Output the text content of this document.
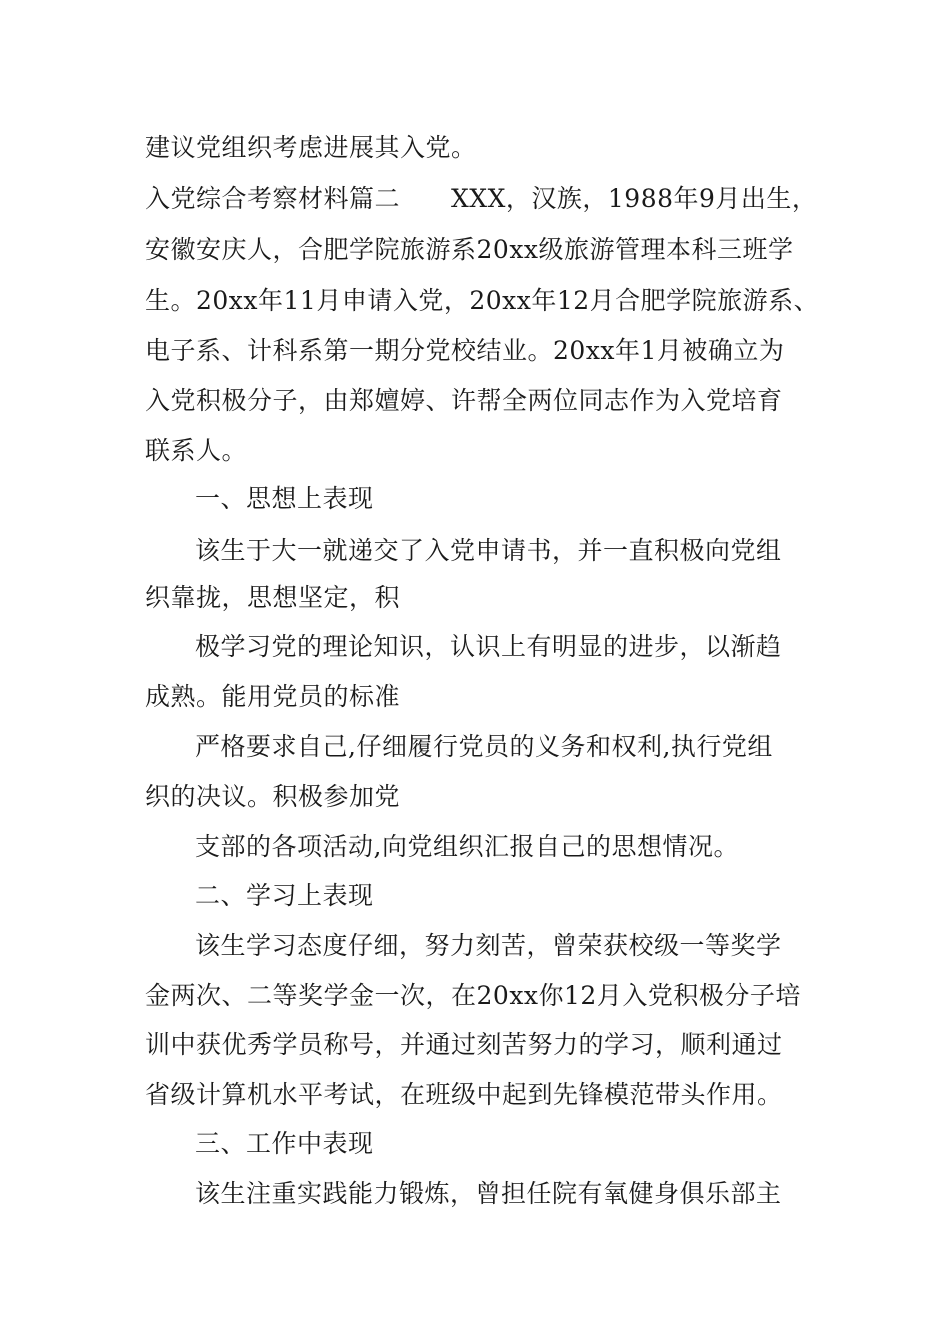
建议党组织考虑进展其入党。
入党综合考察材料篇二　　XXX，汉族，1988年9月出生，
安徽安庆人，合肥学院旅游系20xx级旅游管理本科三班学
生。20xx年11月申请入党，20xx年12月合肥学院旅游系、
电子系、计科系第一期分党校结业。20xx年1月被确立为
入党积极分子，由郑嬗婷、许帮全两位同志作为入党培育
联系人。
一、思想上表现
该生于大一就递交了入党申请书，并一直积极向党组
织靠拢，思想坚定，积
极学习党的理论知识，认识上有明显的进步，以渐趋
成熟。能用党员的标准
严格要求自己,仔细履行党员的义务和权利,执行党组
织的决议。积极参加党
支部的各项活动,向党组织汇报自己的思想情况。
二、学习上表现
该生学习态度仔细，努力刻苦，曾荣获校级一等奖学
金两次、二等奖学金一次，在20xx你12月入党积极分子培
训中获优秀学员称号，并通过刻苦努力的学习，顺利通过
省级计算机水平考试，在班级中起到先锋模范带头作用。
三、工作中表现
该生注重实践能力锻炼，曾担任院有氧健身俱乐部主
